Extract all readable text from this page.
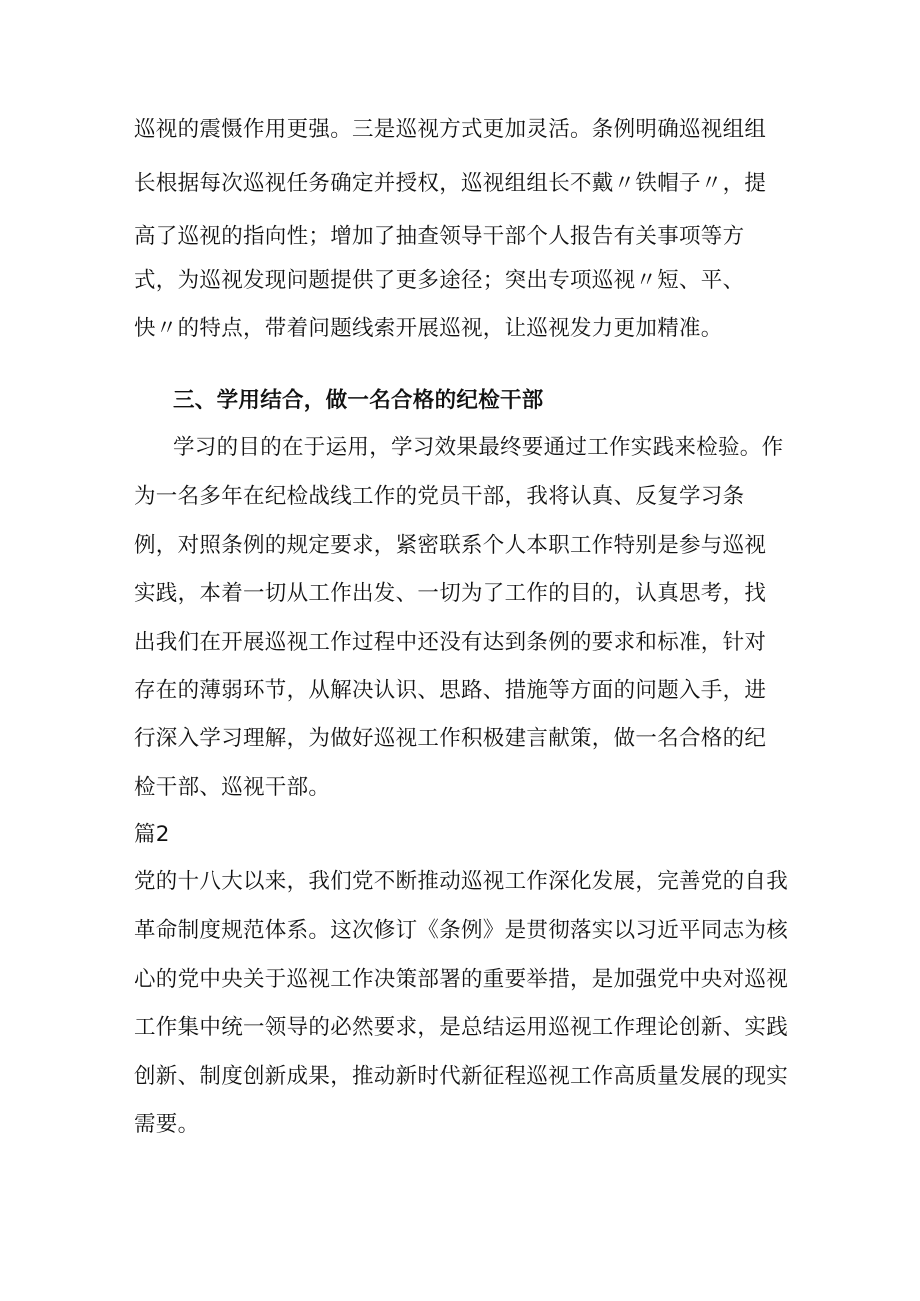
巡视的震慑作用更强。三是巡视方式更加灵活。条例明确巡视组组
长根据每次巡视任务确定并授权，巡视组组长不戴〃铁帽子〃，提
高了巡视的指向性；增加了抽查领导干部个人报告有关事项等方
式，为巡视发现问题提供了更多途径；突出专项巡视〃短、平、
快〃的特点，带着问题线索开展巡视，让巡视发力更加精准。
三、学用结合，做一名合格的纪检干部
学习的目的在于运用，学习效果最终要通过工作实践来检验。作
为一名多年在纪检战线工作的党员干部，我将认真、反复学习条
例，对照条例的规定要求，紧密联系个人本职工作特别是参与巡视
实践，本着一切从工作出发、一切为了工作的目的，认真思考，找
出我们在开展巡视工作过程中还没有达到条例的要求和标准，针对
存在的薄弱环节，从解决认识、思路、措施等方面的问题入手，进
行深入学习理解，为做好巡视工作积极建言献策，做一名合格的纪
检干部、巡视干部。
篇2
党的十八大以来，我们党不断推动巡视工作深化发展，完善党的自我
革命制度规范体系。这次修订《条例》是贯彻落实以习近平同志为核
心的党中央关于巡视工作决策部署的重要举措，是加强党中央对巡视
工作集中统一领导的必然要求，是总结运用巡视工作理论创新、实践
创新、制度创新成果，推动新时代新征程巡视工作高质量发展的现实
需要。
